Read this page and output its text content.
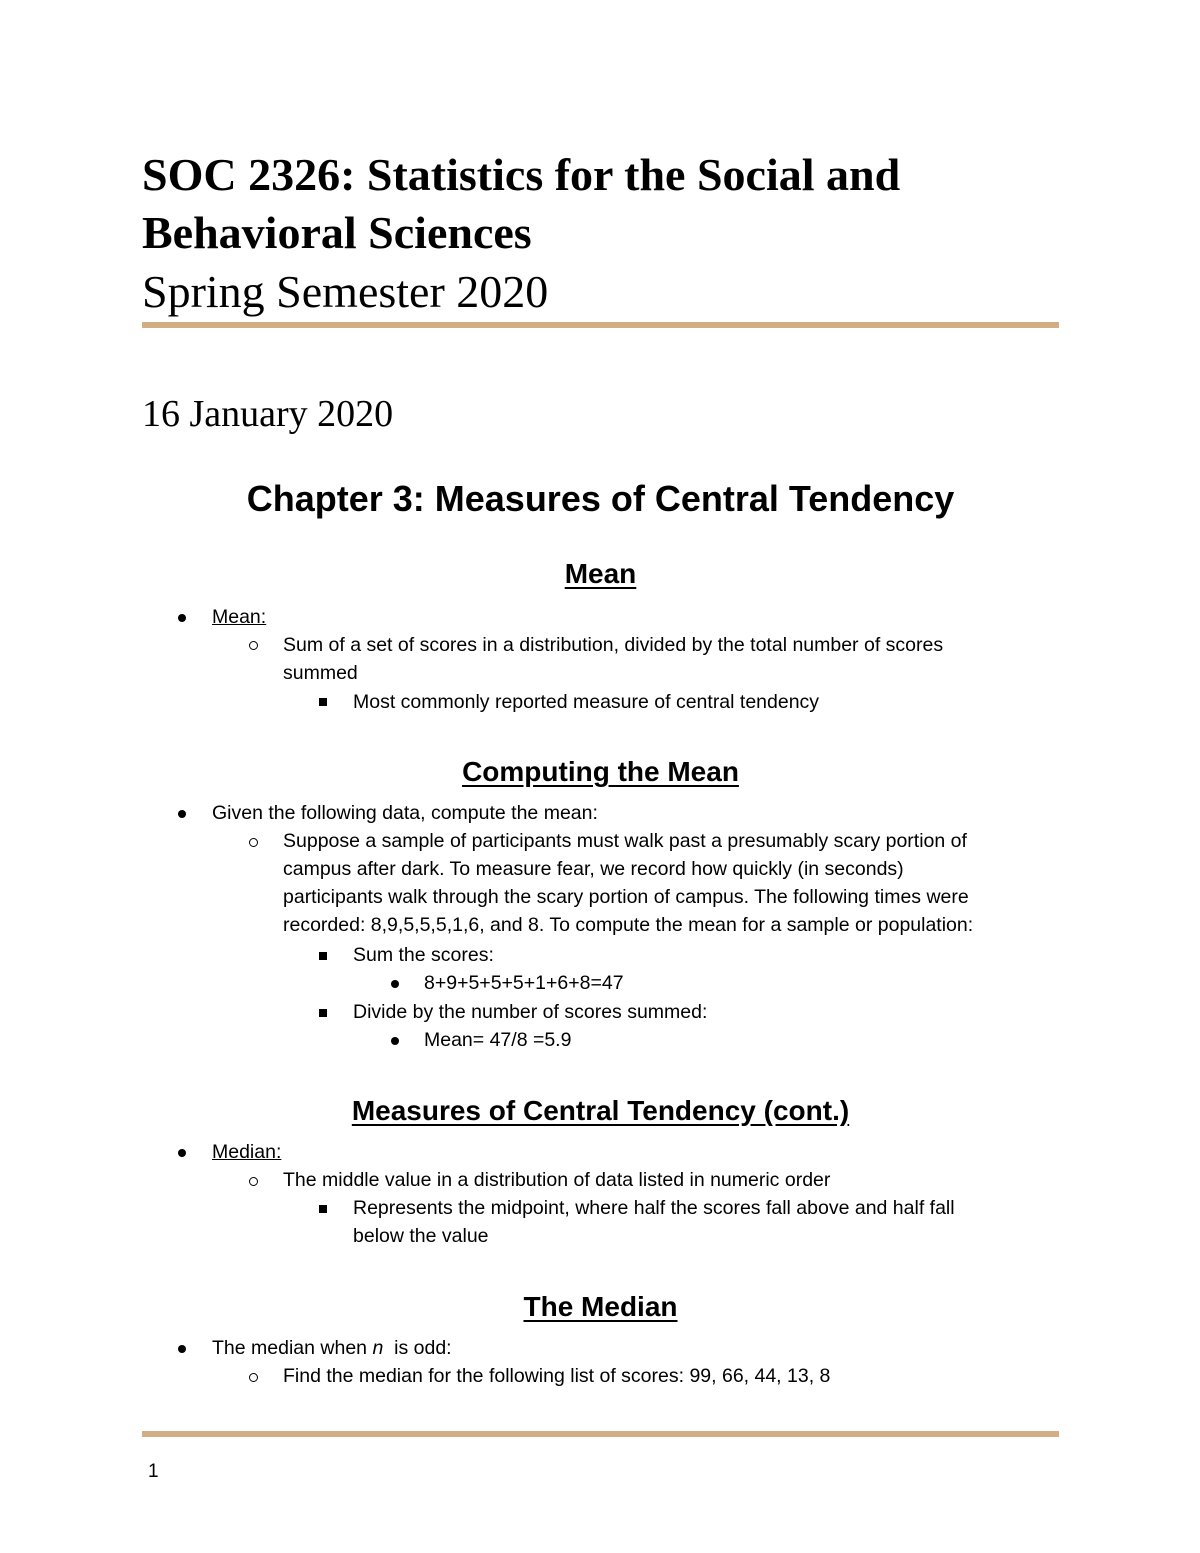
SOC 2326: Statistics for the Social and Behavioral Sciences
Spring Semester 2020
16 January 2020
Chapter 3: Measures of Central Tendency
Mean
Mean:
Sum of a set of scores in a distribution, divided by the total number of scores
summed
Most commonly reported measure of central tendency
Computing the Mean
Given the following data, compute the mean:
Suppose a sample of participants must walk past a presumably scary portion of
campus after dark. To measure fear, we record how quickly (in seconds)
participants walk through the scary portion of campus. The following times were
recorded: 8,9,5,5,5,1,6, and 8. To compute the mean for a sample or population:
Sum the scores:
8+9+5+5+5+1+6+8=47
Divide by the number of scores summed:
Mean= 47/8 =5.9
Measures of Central Tendency (cont.)
Median:
The middle value in a distribution of data listed in numeric order
Represents the midpoint, where half the scores fall above and half fall
below the value
The Median
The median when n  is odd:
Find the median for the following list of scores: 99, 66, 44, 13, 8
1
